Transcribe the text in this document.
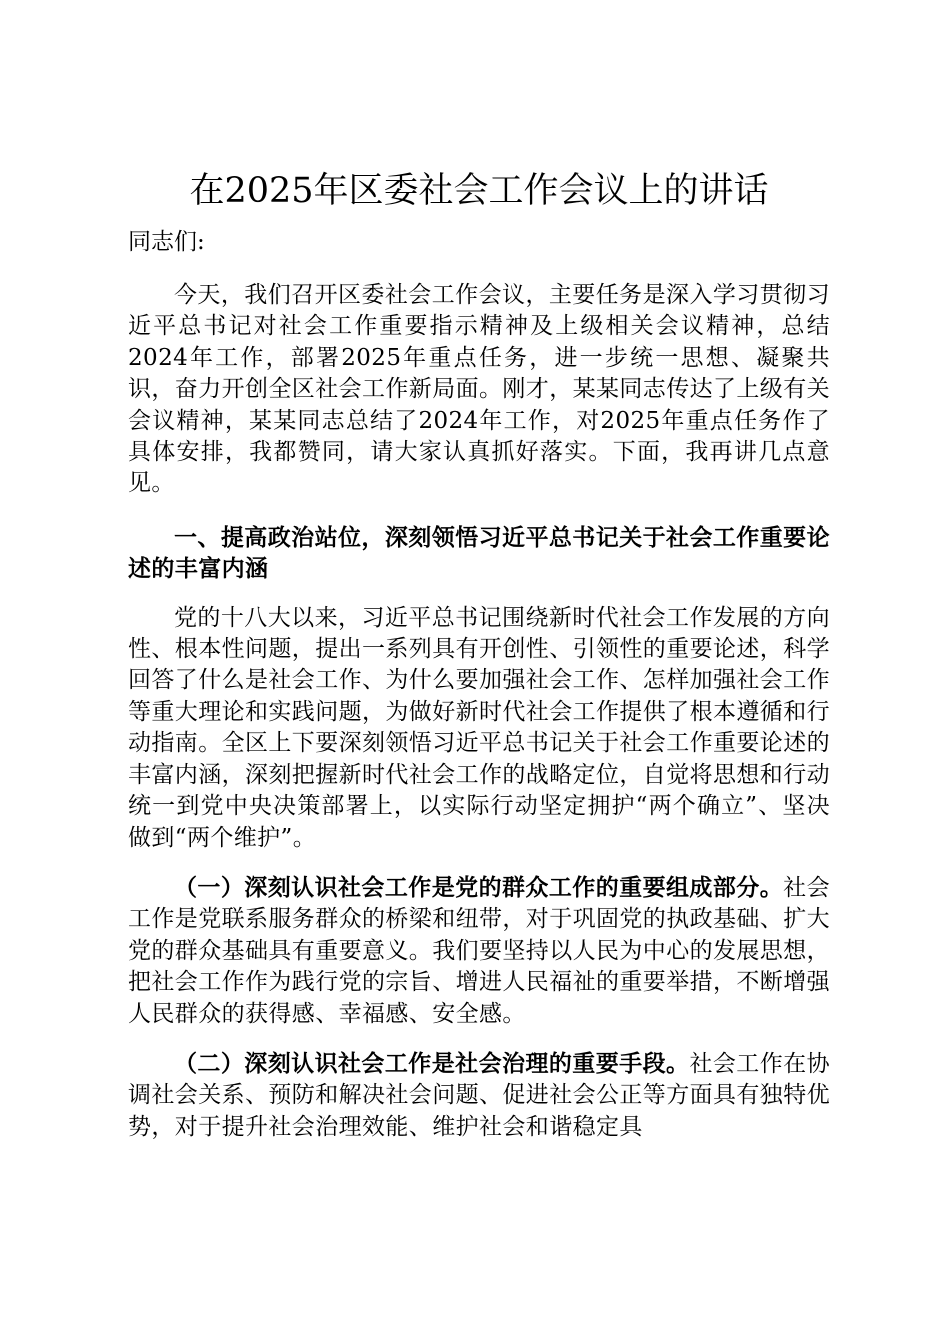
在2025年区委社会工作会议上的讲话

同志们:

今天，我们召开区委社会工作会议，主要任务是深入学习贯彻习近平总书记对社会工作重要指示精神及上级相关会议精神，总结2024年工作，部署2025年重点任务，进一步统一思想、凝聚共识，奋力开创全区社会工作新局面。刚才，某某同志传达了上级有关会议精神，某某同志总结了2024年工作，对2025年重点任务作了具体安排，我都赞同，请大家认真抓好落实。下面，我再讲几点意见。

一、提高政治站位，深刻领悟习近平总书记关于社会工作重要论述的丰富内涵

党的十八大以来，习近平总书记围绕新时代社会工作发展的方向性、根本性问题，提出一系列具有开创性、引领性的重要论述，科学回答了什么是社会工作、为什么要加强社会工作、怎样加强社会工作等重大理论和实践问题，为做好新时代社会工作提供了根本遵循和行动指南。全区上下要深刻领悟习近平总书记关于社会工作重要论述的丰富内涵，深刻把握新时代社会工作的战略定位，自觉将思想和行动统一到党中央决策部署上，以实际行动坚定拥护“两个确立”、坚决做到“两个维护”。

（一）深刻认识社会工作是党的群众工作的重要组成部分。社会工作是党联系服务群众的桥梁和纽带，对于巩固党的执政基础、扩大党的群众基础具有重要意义。我们要坚持以人民为中心的发展思想，把社会工作作为践行党的宗旨、增进人民福祉的重要举措，不断增强人民群众的获得感、幸福感、安全感。

（二）深刻认识社会工作是社会治理的重要手段。社会工作在协调社会关系、预防和解决社会问题、促进社会公正等方面具有独特优势，对于提升社会治理效能、维护社会和谐稳定具
